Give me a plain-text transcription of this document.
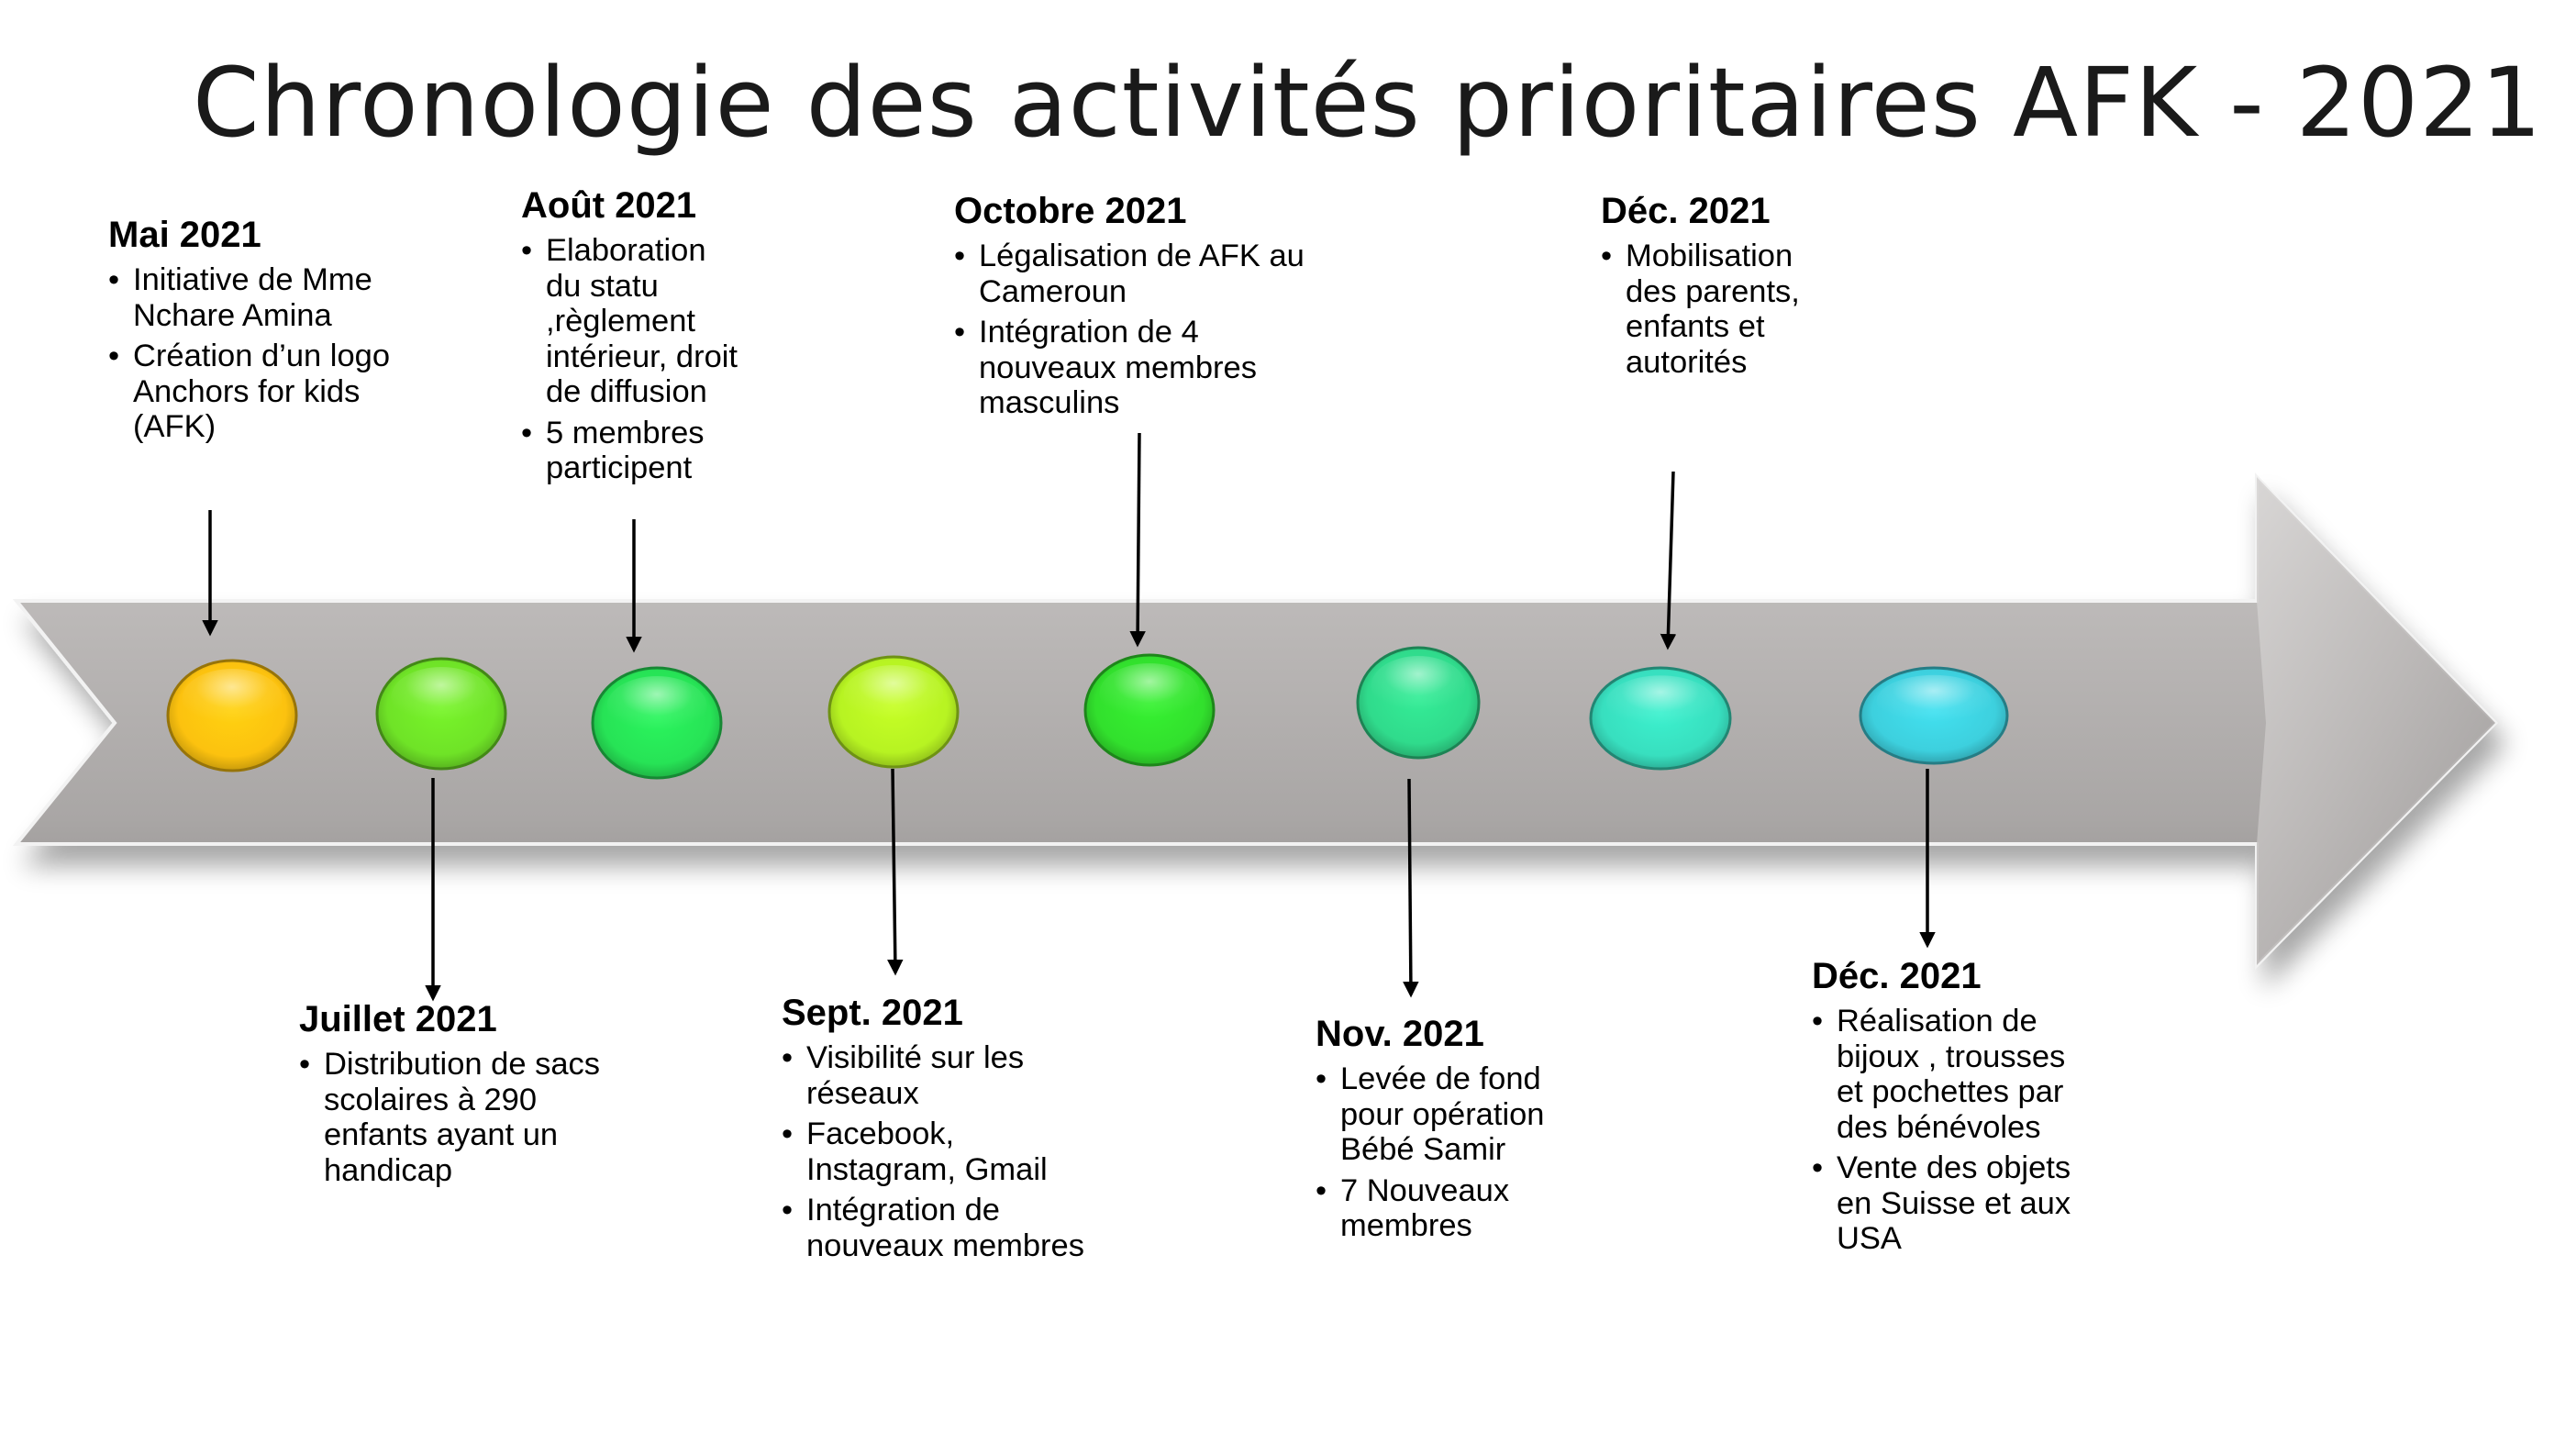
Chronologie des activités prioritaires AFK - 2021
Mai 2021
• Initiative de Mme Nchare Amina
• Création d’un logo Anchors for kids (AFK)
Juillet 2021
• Distribution de sacs scolaires à 290 enfants ayant un handicap
Août 2021
• Elaboration du statu ,règlement intérieur, droit de diffusion
• 5 membres participent
Sept. 2021
• Visibilité sur les réseaux
• Facebook, Instagram, Gmail
• Intégration de nouveaux membres
Octobre 2021
• Légalisation de AFK au Cameroun
• Intégration de 4 nouveaux membres masculins
Nov. 2021
• Levée de fond pour opération Bébé Samir
• 7 Nouveaux membres
Déc. 2021
• Mobilisation des parents, enfants et autorités
Déc. 2021
• Réalisation de bijoux , trousses et pochettes par des bénévoles
• Vente des objets en Suisse et aux USA
